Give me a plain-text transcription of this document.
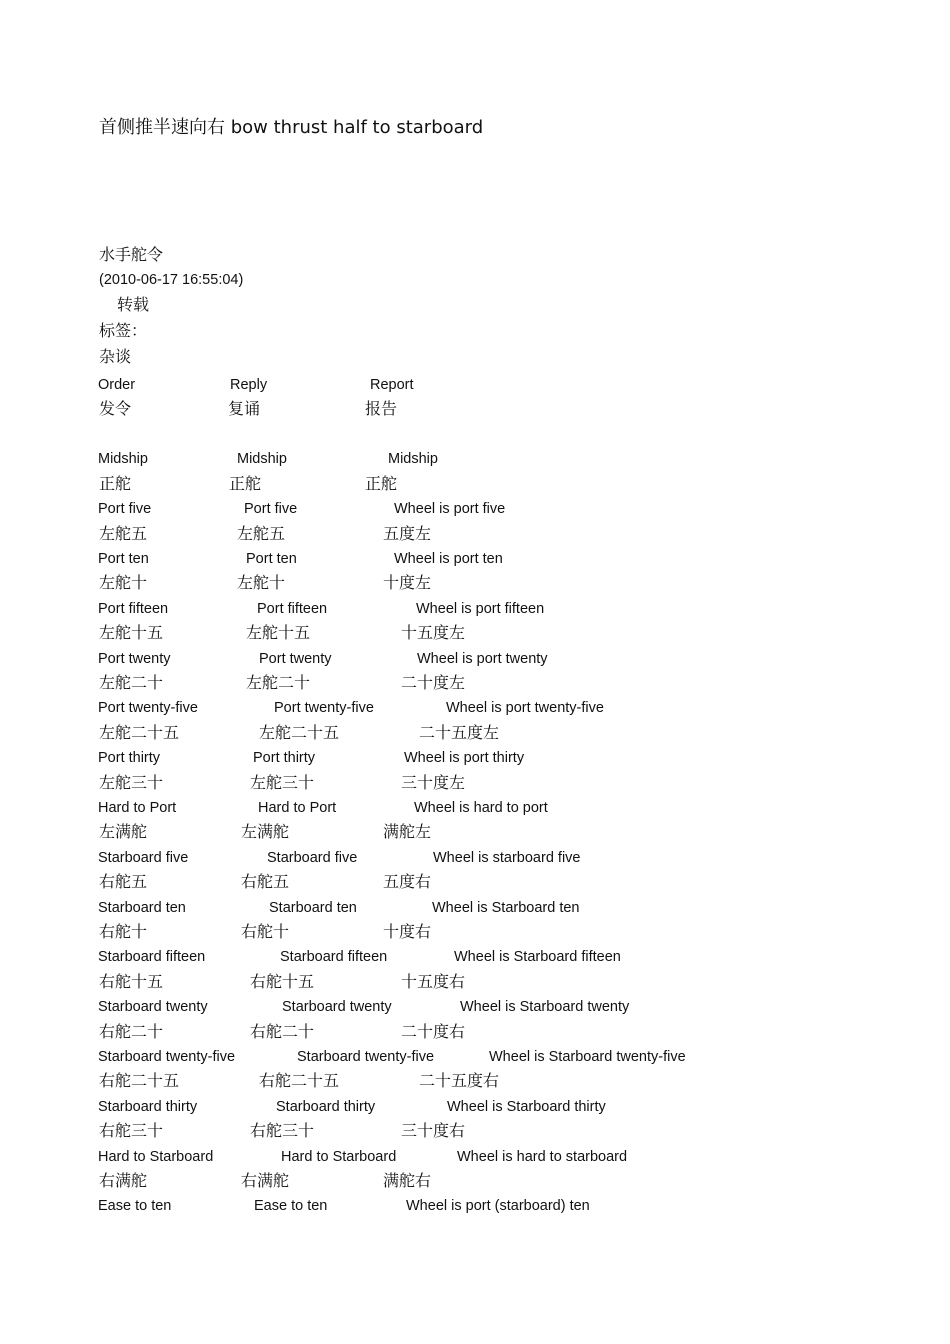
首侧推半速向右 bow thrust half to starboard
水手舵令
(2010-06-17 16:55:04)
转载
标签：
杂谈
Order	Reply	Report
发令	复诵	报告
Midship	Midship	Midship
正舵	正舵	正舵
Port five	Port five	Wheel is port five
左舵五	左舵五	五度左
Port ten	Port ten	Wheel is port ten
左舵十	左舵十	十度左
Port fifteen	Port fifteen	Wheel is port fifteen
左舵十五	左舵十五	十五度左
Port twenty	Port twenty	Wheel is port twenty
左舵二十	左舵二十	二十度左
Port twenty-five	Port twenty-five	Wheel is port twenty-five
左舵二十五	左舵二十五	二十五度左
Port thirty	Port thirty	Wheel is port thirty
左舵三十	左舵三十	三十度左
Hard to Port	Hard to Port	Wheel is hard to port
左满舵	左满舵	满舵左
Starboard five	Starboard five	Wheel is starboard five
右舵五	右舵五	五度右
Starboard ten	Starboard ten	Wheel is Starboard ten
右舵十	右舵十	十度右
Starboard fifteen	Starboard fifteen	Wheel is Starboard fifteen
右舵十五	右舵十五	十五度右
Starboard twenty	Starboard twenty	Wheel is Starboard twenty
右舵二十	右舵二十	二十度右
Starboard twenty-five	Starboard twenty-five	Wheel is Starboard twenty-five
右舵二十五	右舵二十五	二十五度右
Starboard thirty	Starboard thirty	Wheel is Starboard thirty
右舵三十	右舵三十	三十度右
Hard to Starboard	Hard to Starboard	Wheel is hard to starboard
右满舵	右满舵	满舵右
Ease to ten	Ease to ten	Wheel is port (starboard) ten
